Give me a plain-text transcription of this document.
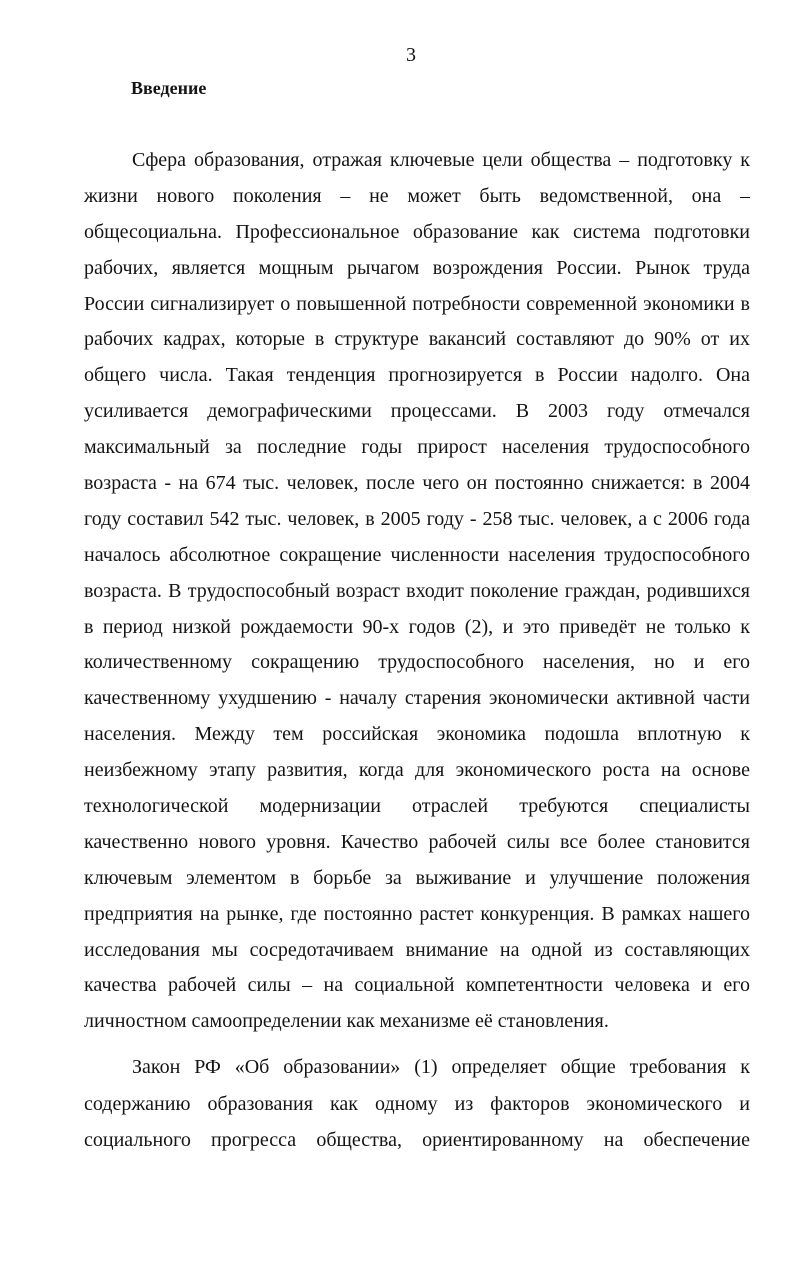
3
Введение
Сфера образования, отражая ключевые цели общества – подготовку к
жизни нового поколения – не может быть ведомственной, она –
общесоциальна. Профессиональное образование как система подготовки
рабочих, является мощным рычагом возрождения России. Рынок труда
России сигнализирует о повышенной потребности современной экономики в
рабочих кадрах, которые в структуре вакансий составляют до 90% от их
общего числа. Такая тенденция прогнозируется в России надолго. Она
усиливается демографическими процессами. В 2003 году отмечался
максимальный за последние годы прирост населения трудоспособного
возраста - на 674 тыс. человек, после чего он постоянно снижается: в 2004
году составил 542 тыс. человек, в 2005 году - 258 тыс. человек, а с 2006 года
началось абсолютное сокращение численности населения трудоспособного
возраста. В трудоспособный возраст входит поколение граждан, родившихся
в период низкой рождаемости 90-х годов (2), и это приведёт не только к
количественному сокращению трудоспособного населения, но и его
качественному ухудшению - началу старения экономически активной части
населения. Между тем российская экономика подошла вплотную к
неизбежному этапу развития, когда для экономического роста на основе
технологической модернизации отраслей требуются специалисты
качественно нового уровня. Качество рабочей силы все более становится
ключевым элементом в борьбе за выживание и улучшение положения
предприятия на рынке, где постоянно растет конкуренция. В рамках нашего
исследования мы сосредотачиваем внимание на одной из составляющих
качества рабочей силы – на социальной компетентности человека и его
личностном самоопределении как механизме её становления.
Закон РФ «Об образовании» (1) определяет общие требования к
содержанию образования как одному из факторов экономического и
социального прогресса общества, ориентированному на обеспечение
